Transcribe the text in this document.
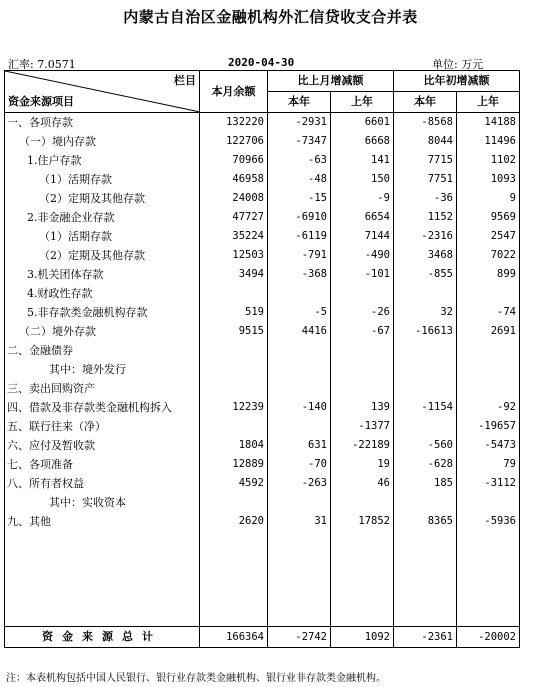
内蒙古自治区金融机构外汇信贷收支合并表
汇率: 7.0571	2020-04-30	单位: 万元
栏目
资金来源项目	本月余额	比上月增减额		比年初增减额	
		本年	上年	本年	上年
一、各项存款	132220	-2931	6601	-8568	14188
（一）境内存款	122706	-7347	6668	8044	11496
1.住户存款	70966	-63	141	7715	1102
（1）活期存款	46958	-48	150	7751	1093
（2）定期及其他存款	24008	-15	-9	-36	9
2.非金融企业存款	47727	-6910	6654	1152	9569
（1）活期存款	35224	-6119	7144	-2316	2547
（2）定期及其他存款	12503	-791	-490	3468	7022
3.机关团体存款	3494	-368	-101	-855	899
4.财政性存款					
5.非存款类金融机构存款	519	-5	-26	32	-74
（二）境外存款	9515	4416	-67	-16613	2691
二、金融债券					
其中：境外发行					
三、卖出回购资产					
四、借款及非存款类金融机构拆入	12239	-140	139	-1154	-92
五、联行往来（净）			-1377		-19657
六、应付及暂收款	1804	631	-22189	-560	-5473
七、各项准备	12889	-70	19	-628	79
八、所有者权益	4592	-263	46	185	-3112
其中：实收资本					
九、其他	2620	31	17852	8365	-5936

资金来源总计	166364	-2742	1092	-2361	-20002
注：本表机构包括中国人民银行、银行业存款类金融机构、银行业非存款类金融机构。
